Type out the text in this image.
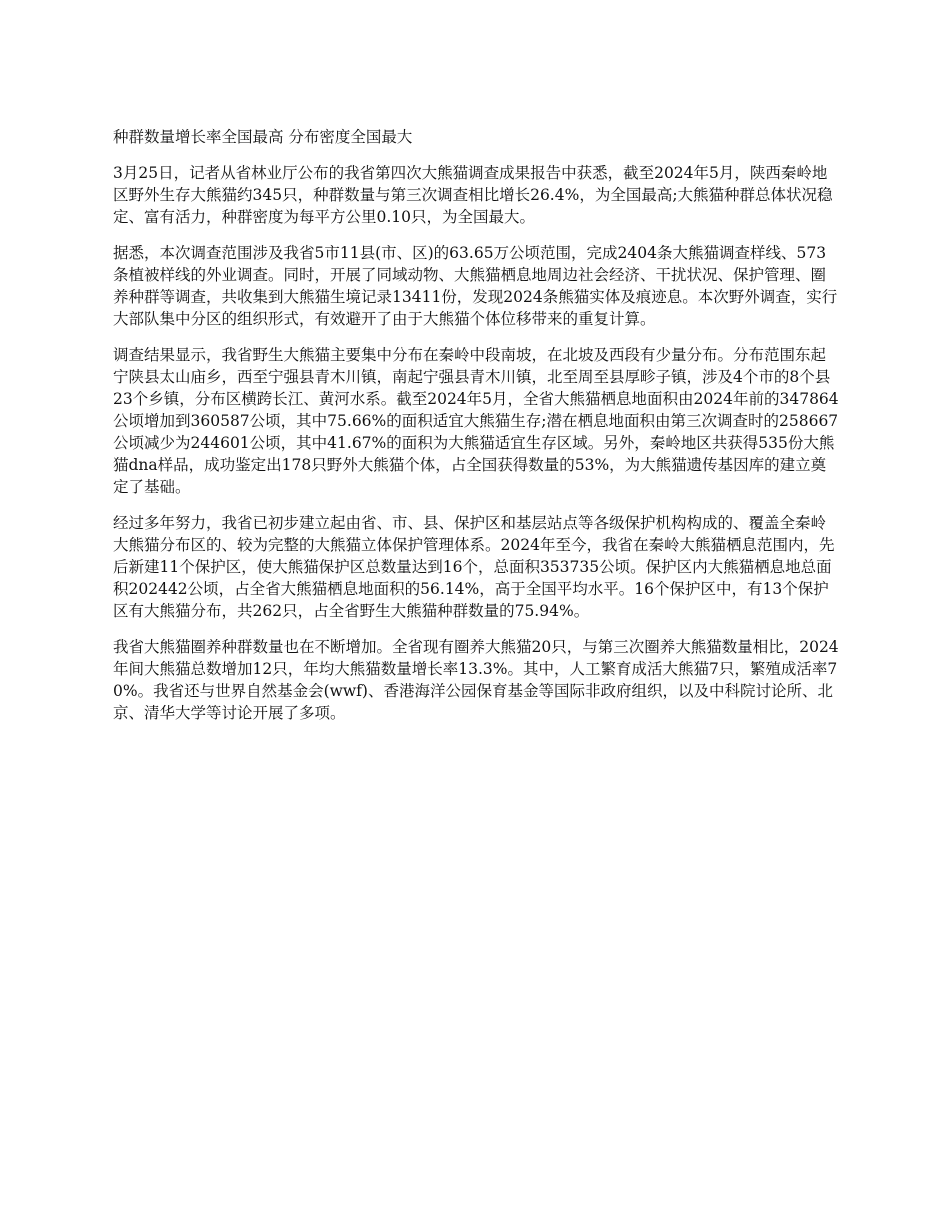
种群数量增长率全国最高 分布密度全国最大

3月25日，记者从省林业厅公布的我省第四次大熊猫调查成果报告中获悉，截至2024年5月，陕西秦岭地区野外生存大熊猫约345只，种群数量与第三次调查相比增长26.4%，为全国最高;大熊猫种群总体状况稳定、富有活力，种群密度为每平方公里0.10只，为全国最大。

据悉，本次调查范围涉及我省5市11县(市、区)的63.65万公顷范围，完成2404条大熊猫调查样线、573条植被样线的外业调查。同时，开展了同域动物、大熊猫栖息地周边社会经济、干扰状况、保护管理、圈养种群等调查，共收集到大熊猫生境记录13411份，发现2024条熊猫实体及痕迹息。本次野外调查，实行大部队集中分区的组织形式，有效避开了由于大熊猫个体位移带来的重复计算。

调查结果显示，我省野生大熊猫主要集中分布在秦岭中段南坡，在北坡及西段有少量分布。分布范围东起宁陕县太山庙乡，西至宁强县青木川镇，南起宁强县青木川镇，北至周至县厚畛子镇，涉及4个市的8个县23个乡镇，分布区横跨长江、黄河水系。截至2024年5月，全省大熊猫栖息地面积由2024年前的347864公顷增加到360587公顷，其中75.66%的面积适宜大熊猫生存;潜在栖息地面积由第三次调查时的258667公顷减少为244601公顷，其中41.67%的面积为大熊猫适宜生存区域。另外，秦岭地区共获得535份大熊猫dna样品，成功鉴定出178只野外大熊猫个体，占全国获得数量的53%，为大熊猫遗传基因库的建立奠定了基础。

经过多年努力，我省已初步建立起由省、市、县、保护区和基层站点等各级保护机构构成的、覆盖全秦岭大熊猫分布区的、较为完整的大熊猫立体保护管理体系。2024年至今，我省在秦岭大熊猫栖息范围内，先后新建11个保护区，使大熊猫保护区总数量达到16个，总面积353735公顷。保护区内大熊猫栖息地总面积202442公顷，占全省大熊猫栖息地面积的56.14%，高于全国平均水平。16个保护区中，有13个保护区有大熊猫分布，共262只，占全省野生大熊猫种群数量的75.94%。

我省大熊猫圈养种群数量也在不断增加。全省现有圈养大熊猫20只，与第三次圈养大熊猫数量相比，2024年间大熊猫总数增加12只，年均大熊猫数量增长率13.3%。其中，人工繁育成活大熊猫7只，繁殖成活率70%。我省还与世界自然基金会(wwf)、香港海洋公园保育基金等国际非政府组织，以及中科院讨论所、北京、清华大学等讨论开展了多项。
